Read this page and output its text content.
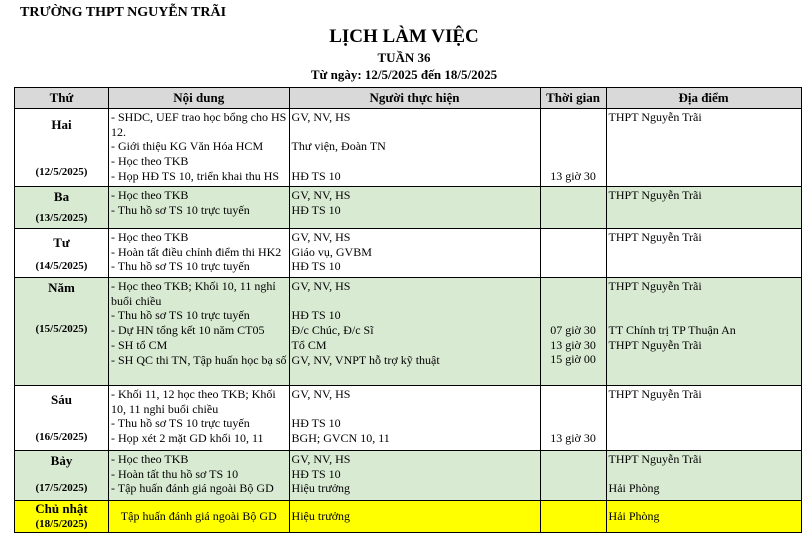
TRƯỜNG THPT NGUYỄN TRÃI
LỊCH LÀM VIỆC
TUẦN 36
Từ ngày: 12/5/2025 đến 18/5/2025
Thứ	Nội dung	Người thực hiện	Thời gian	Địa điểm

Hai
(12/5/2025)	- SHDC, UEF trao học bổng cho HS 12.
- Giới thiệu KG Văn Hóa HCM
- Học theo TKB
- Họp HĐ TS 10, triển khai thu HS	GV, NV, HS
Thư viện, Đoàn TN
HĐ TS 10	13 giờ 30	THPT Nguyễn Trãi

Ba
(13/5/2025)	- Học theo TKB
- Thu hồ sơ TS 10 trực tuyến	GV, NV, HS
HĐ TS 10		THPT Nguyễn Trãi

Tư
(14/5/2025)	- Học theo TKB
- Hoàn tất điều chỉnh điểm thi HK2
- Thu hồ sơ TS 10 trực tuyến	GV, NV, HS
Giáo vụ, GVBM
HĐ TS 10		THPT Nguyễn Trãi

Năm
(15/5/2025)	- Học theo TKB; Khối 10, 11 nghỉ buổi chiều
- Thu hồ sơ TS 10 trực tuyến
- Dự HN tổng kết 10 năm CT05
- SH tổ CM
- SH QC thi TN, Tập huấn học bạ số	GV, NV, HS
HĐ TS 10
Đ/c Chúc, Đ/c Sĩ
Tổ CM
GV, NV, VNPT hỗ trợ kỹ thuật	07 giờ 30
13 giờ 30
15 giờ 00	THPT Nguyễn Trãi
TT Chính trị TP Thuận An
THPT Nguyễn Trãi

Sáu
(16/5/2025)	- Khối 11, 12 học theo TKB; Khối 10, 11 nghỉ buổi chiều
- Thu hồ sơ TS 10 trực tuyến
- Họp xét 2 mặt GD khối 10, 11	GV, NV, HS
HĐ TS 10
BGH; GVCN 10, 11	13 giờ 30	THPT Nguyễn Trãi

Bảy
(17/5/2025)	- Học theo TKB
- Hoàn tất thu hồ sơ TS 10
- Tập huấn đánh giá ngoài Bộ GD	GV, NV, HS
HĐ TS 10
Hiệu trưởng		THPT Nguyễn Trãi
Hải Phòng

Chủ nhật
(18/5/2025)	Tập huấn đánh giá ngoài Bộ GD	Hiệu trưởng		Hải Phòng
